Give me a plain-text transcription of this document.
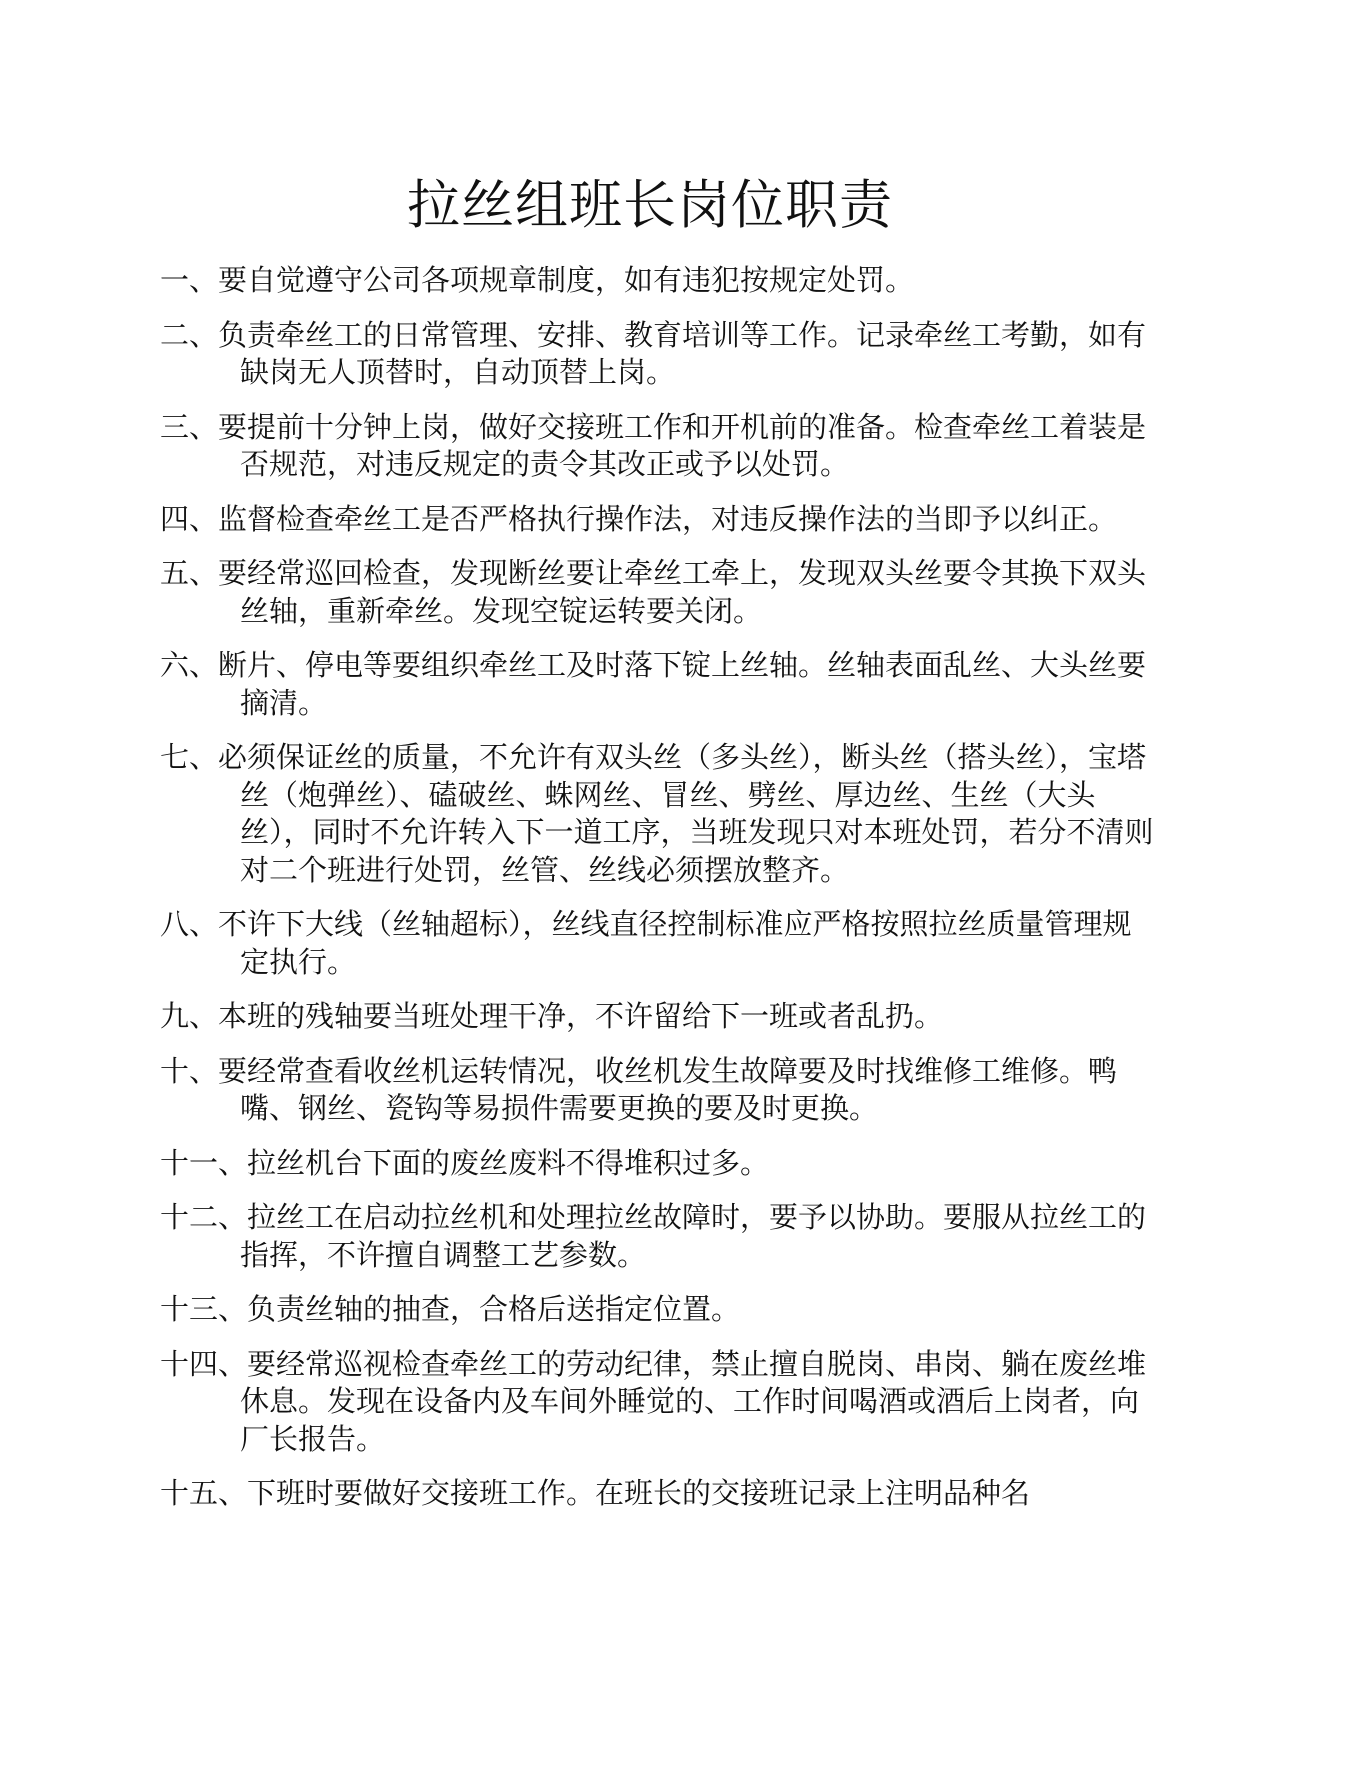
拉丝组班长岗位职责
一、要自觉遵守公司各项规章制度，如有违犯按规定处罚。
二、负责牵丝工的日常管理、安排、教育培训等工作。记录牵丝工考勤，如有缺岗无人顶替时，自动顶替上岗。
三、要提前十分钟上岗，做好交接班工作和开机前的准备。检查牵丝工着装是否规范，对违反规定的责令其改正或予以处罚。
四、监督检查牵丝工是否严格执行操作法，对违反操作法的当即予以纠正。
五、要经常巡回检查，发现断丝要让牵丝工牵上，发现双头丝要令其换下双头丝轴，重新牵丝。发现空锭运转要关闭。
六、断片、停电等要组织牵丝工及时落下锭上丝轴。丝轴表面乱丝、大头丝要摘清。
七、必须保证丝的质量，不允许有双头丝（多头丝），断头丝（搭头丝），宝塔丝（炮弹丝）、磕破丝、蛛网丝、冒丝、劈丝、厚边丝、生丝（大头丝），同时不允许转入下一道工序，当班发现只对本班处罚，若分不清则对二个班进行处罚，丝管、丝线必须摆放整齐。
八、不许下大线（丝轴超标），丝线直径控制标准应严格按照拉丝质量管理规定执行。
九、本班的残轴要当班处理干净，不许留给下一班或者乱扔。
十、要经常查看收丝机运转情况，收丝机发生故障要及时找维修工维修。鸭嘴、钢丝、瓷钩等易损件需要更换的要及时更换。
十一、拉丝机台下面的废丝废料不得堆积过多。
十二、拉丝工在启动拉丝机和处理拉丝故障时，要予以协助。要服从拉丝工的指挥，不许擅自调整工艺参数。
十三、负责丝轴的抽查，合格后送指定位置。
十四、要经常巡视检查牵丝工的劳动纪律，禁止擅自脱岗、串岗、躺在废丝堆休息。发现在设备内及车间外睡觉的、工作时间喝酒或酒后上岗者，向厂长报告。
十五、下班时要做好交接班工作。在班长的交接班记录上注明品种名
